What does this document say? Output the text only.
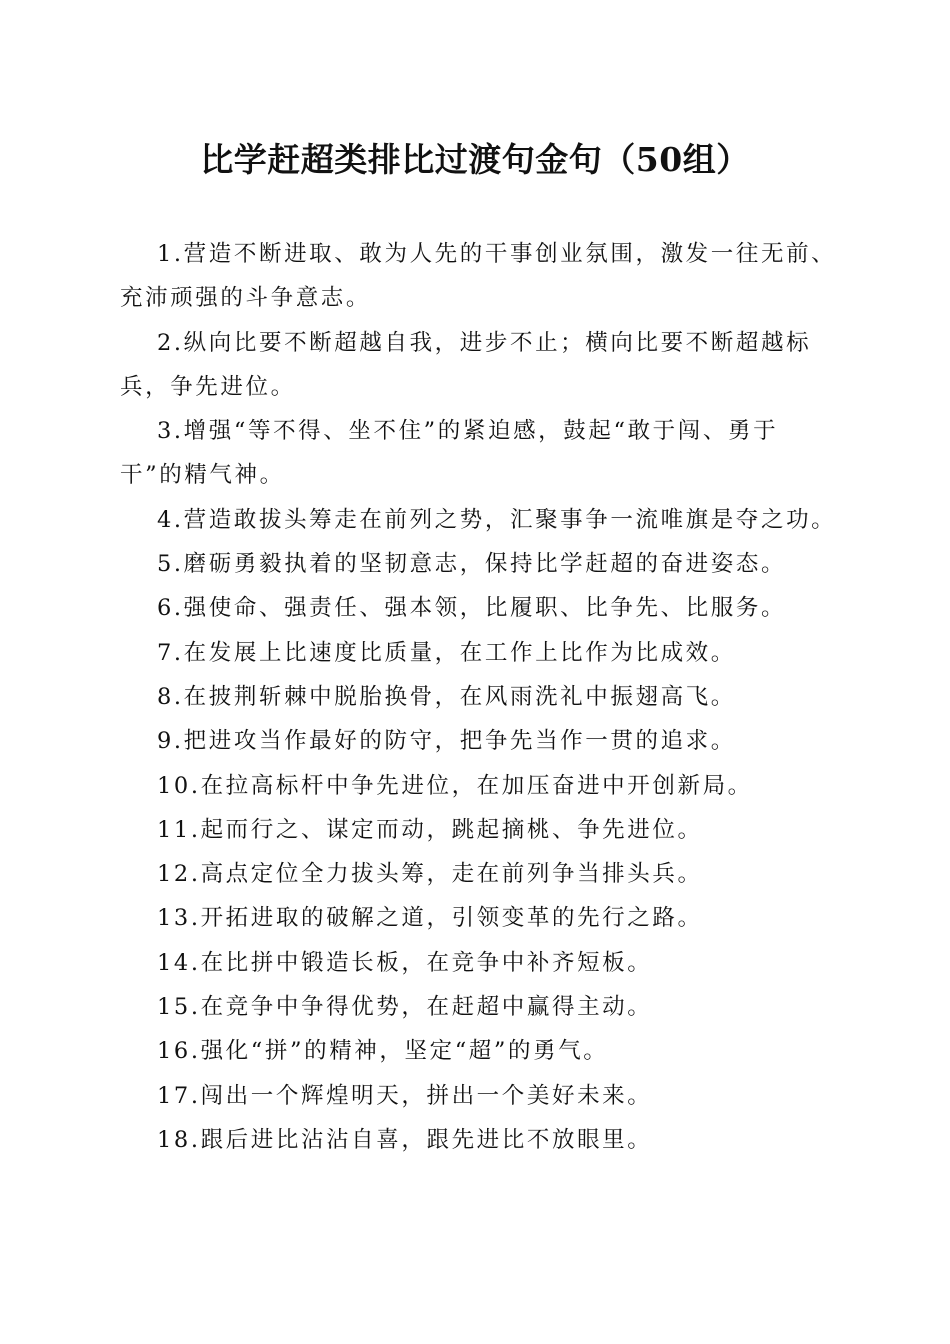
比学赶超类排比过渡句金句（50组）

1.营造不断进取、敢为人先的干事创业氛围，激发一往无前、
充沛顽强的斗争意志。

2.纵向比要不断超越自我，进步不止；横向比要不断超越标
兵，争先进位。

3.增强“等不得、坐不住”的紧迫感，鼓起“敢于闯、勇于
干”的精气神。

4.营造敢拔头筹走在前列之势，汇聚事争一流唯旗是夺之功。

5.磨砺勇毅执着的坚韧意志，保持比学赶超的奋进姿态。

6.强使命、强责任、强本领，比履职、比争先、比服务。

7.在发展上比速度比质量，在工作上比作为比成效。

8.在披荆斩棘中脱胎换骨，在风雨洗礼中振翅高飞。

9.把进攻当作最好的防守，把争先当作一贯的追求。

10.在拉高标杆中争先进位，在加压奋进中开创新局。

11.起而行之、谋定而动，跳起摘桃、争先进位。

12.高点定位全力拔头筹，走在前列争当排头兵。

13.开拓进取的破解之道，引领变革的先行之路。

14.在比拼中锻造长板，在竞争中补齐短板。

15.在竞争中争得优势，在赶超中赢得主动。

16.强化“拼”的精神，坚定“超”的勇气。

17.闯出一个辉煌明天，拼出一个美好未来。

18.跟后进比沾沾自喜，跟先进比不放眼里。
